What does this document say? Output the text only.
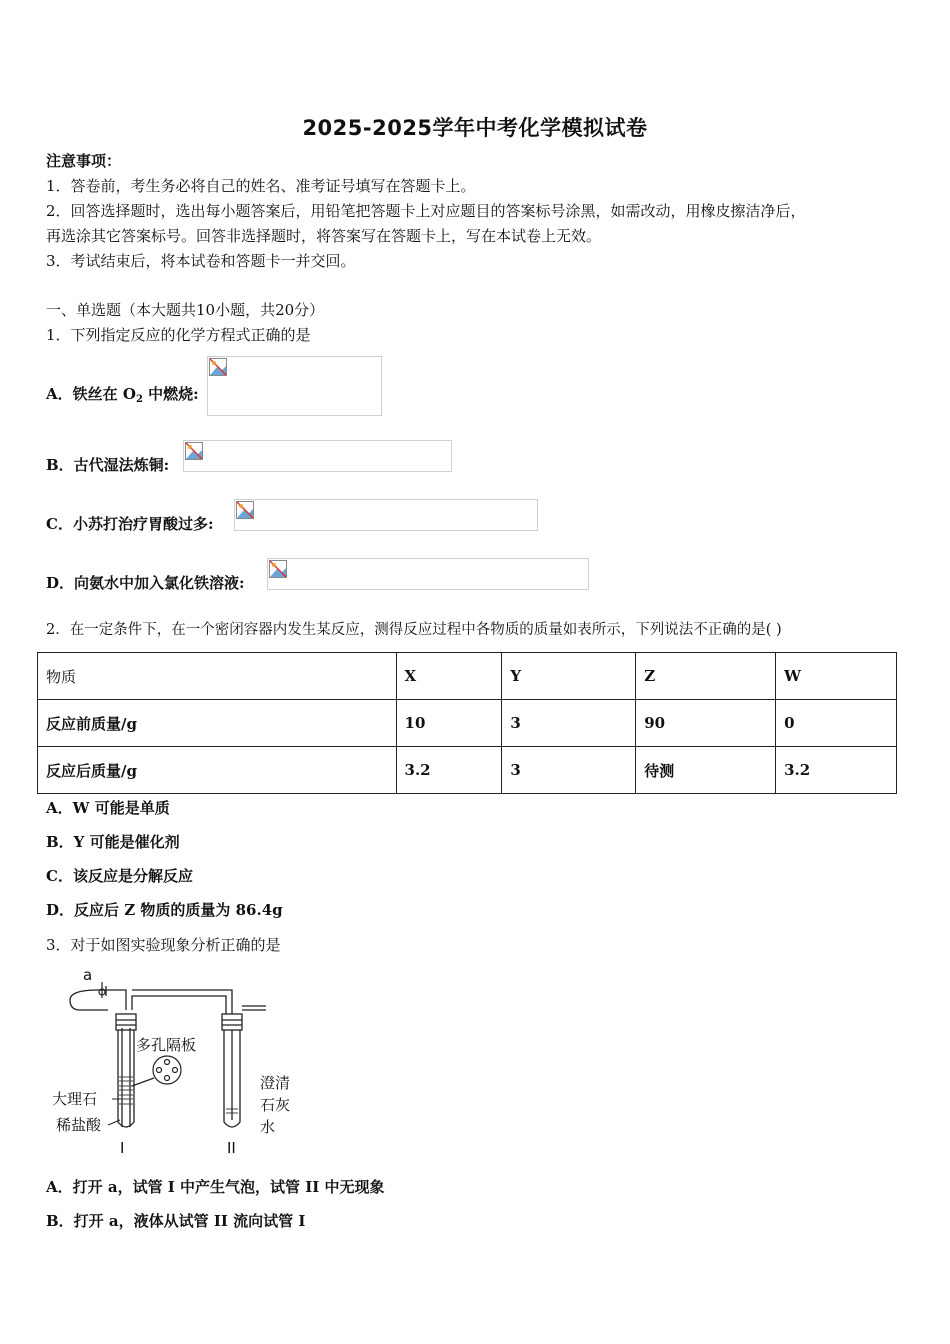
2025-2025学年中考化学模拟试卷
注意事项：
1．答卷前，考生务必将自己的姓名、准考证号填写在答题卡上。
2．回答选择题时，选出每小题答案后，用铅笔把答题卡上对应题目的答案标号涂黑，如需改动，用橡皮擦洁净后，
再选涂其它答案标号。回答非选择题时，将答案写在答题卡上，写在本试卷上无效。
3．考试结束后，将本试卷和答题卡一并交回。
一、单选题（本大题共10小题，共20分）
1．下列指定反应的化学方程式正确的是
A．铁丝在 $O_2$ 中燃烧:
B．古代湿法炼铜:
C．小苏打治疗胃酸过多:
D．向氨水中加入氯化铁溶液:
2．在一定条件下，在一个密闭容器内发生某反应，测得反应过程中各物质的质量如表所示，下列说法不正确的是( )
物质	X	Y	Z	W
反应前质量/g	10	3	90	0
反应后质量/g	3.2	3	待测	3.2
A．W 可能是单质
B．Y 可能是催化剂
C．该反应是分解反应
D．反应后 Z 物质的质量为 86.4g
3．对于如图实验现象分析正确的是
a
多孔隔板
大理石
稀盐酸
I
澄清
石灰
水
II
A．打开 a，试管 I 中产生气泡，试管 II 中无现象
B．打开 a，液体从试管 II 流向试管 I
